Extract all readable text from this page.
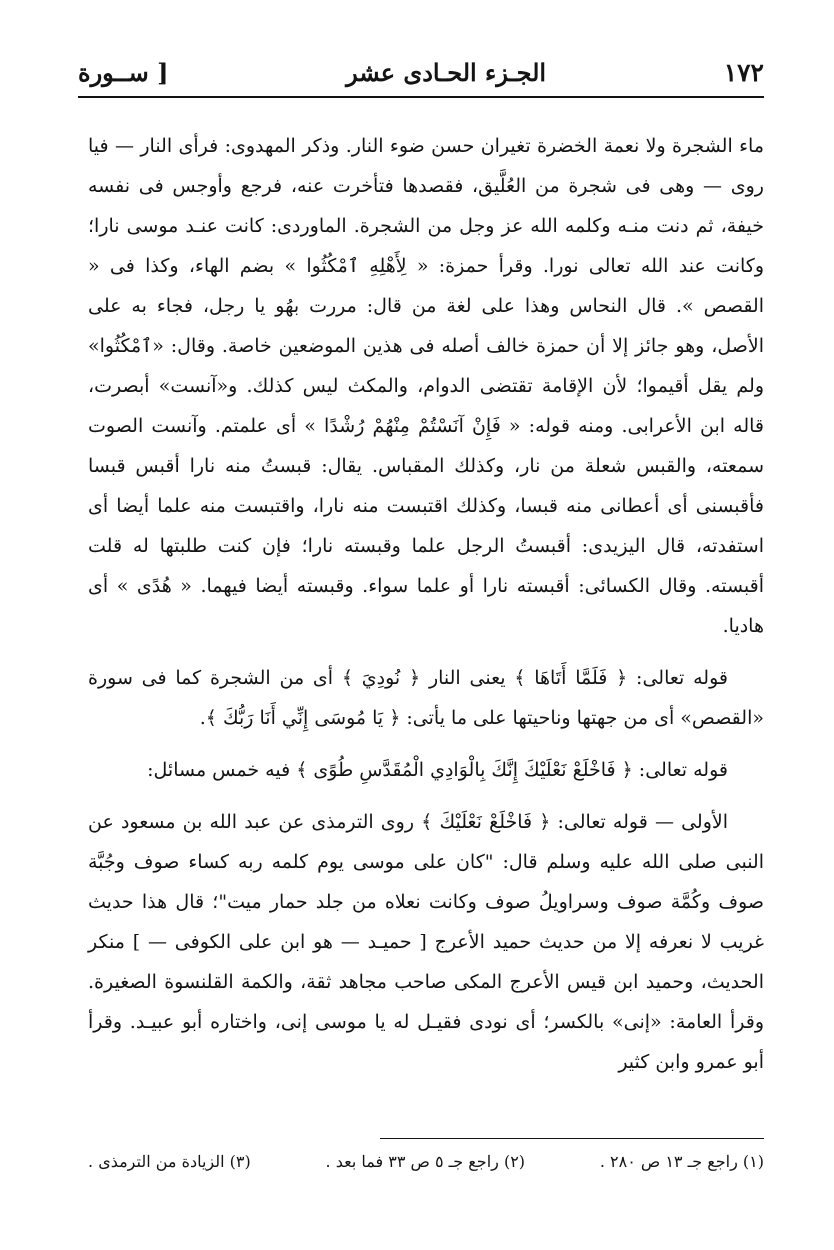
١٧٢
الجـزء الحـادى عشر
[ ســورة

ماء الشجرة ولا نعمة الخضرة تغيران حسن ضوء النار. وذكر المهدوى: فرأى النار — فيا روى — وهى فى شجرة من العُلَّيق، فقصدها فتأخرت عنه، فرجع وأوجس فى نفسه خيفة، ثم دنت منـه وكلمه الله عز وجل من الشجرة. الماوردى: كانت عنـد موسى نارا؛ وكانت عند الله تعالى نورا. وقرأ حمزة: « لِأَهْلِهِ ٱمْكُثُوا » بضم الهاء، وكذا فى « القصص ». قال النحاس وهذا على لغة من قال: مررت بهُو يا رجل، فجاء به على الأصل، وهو جائز إلا أن حمزة خالف أصله فى هذين الموضعين خاصة. وقال: «ٱمْكُثُوا» ولم يقل أقيموا؛ لأن الإقامة تقتضى الدوام، والمكث ليس كذلك. و«آنست» أبصرت، قاله ابن الأعرابى. ومنه قوله: « فَإِنْ آنَسْتُمْ مِنْهُمْ رُشْدًا » أى علمتم. وآنست الصوت سمعته، والقبس شعلة من نار، وكذلك المقباس. يقال: قبستُ منه نارا أقبس قبسا فأقبسنى أى أعطانى منه قبسا، وكذلك اقتبست منه نارا، واقتبست منه علما أيضا أى استفدته، قال اليزيدى: أقبستُ الرجل علما وقبسته نارا؛ فإن كنت طلبتها له قلت أقبسته. وقال الكسائى: أقبسته نارا أو علما سواء. وقبسته أيضا فيهما. « هُدًى » أى هاديا.

قوله تعالى: ﴿ فَلَمَّا أَتَاهَا ﴾ يعنى النار ﴿ نُودِيَ ﴾ أى من الشجرة كما فى سورة «القصص» أى من جهتها وناحيتها على ما يأتى: ﴿ يَا مُوسَى إِنِّي أَنَا رَبُّكَ ﴾.

قوله تعالى: ﴿ فَاخْلَعْ نَعْلَيْكَ إِنَّكَ بِالْوَادِي الْمُقَدَّسِ طُوًى ﴾ فيه خمس مسائل:

الأولى — قوله تعالى: ﴿ فَاخْلَعْ نَعْلَيْكَ ﴾ روى الترمذى عن عبد الله بن مسعود عن النبى صلى الله عليه وسلم قال: "كان على موسى يوم كلمه ربه كساء صوف وجُبَّة صوف وكُمَّة صوف وسراويلُ صوف وكانت نعلاه من جلد حمار ميت"؛ قال هذا حديث غريب لا نعرفه إلا من حديث حميد الأعرج [ حميـد — هو ابن على الكوفى — ] منكر الحديث، وحميد ابن قيس الأعرج المكى صاحب مجاهد ثقة، والكمة القلنسوة الصغيرة. وقرأ العامة: «إنى» بالكسر؛ أى نودى فقيـل له يا موسى إنى، واختاره أبو عبيـد. وقرأ أبو عمرو وابن كثير

(١) راجع جـ ١٣ ص ٢٨٠ .
(٢) راجع جـ ٥ ص ٣٣ فما بعد .
(٣) الزيادة من الترمذى .
